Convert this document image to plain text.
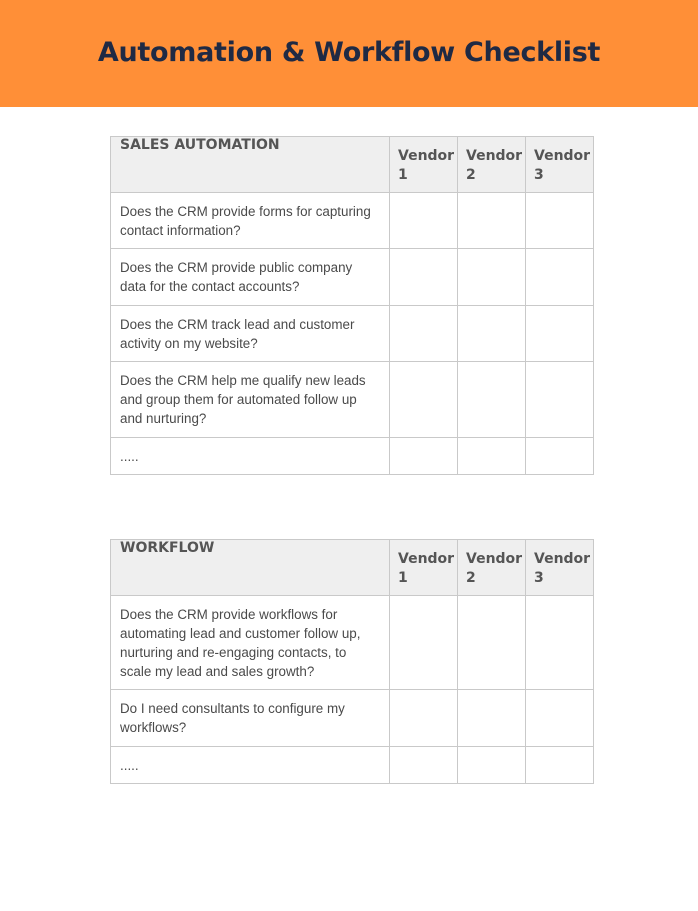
Automation & Workflow Checklist
SALES AUTOMATION	Vendor 1	Vendor 2	Vendor 3
Does the CRM provide forms for capturing contact information?			
Does the CRM provide public company data for the contact accounts?			
Does the CRM track lead and customer activity on my website?			
Does the CRM help me qualify new leads and group them for automated follow up and nurturing?			
.....			
WORKFLOW	Vendor 1	Vendor 2	Vendor 3
Does the CRM provide workflows for automating lead and customer follow up, nurturing and re-engaging contacts, to scale my lead and sales growth?			
Do I need consultants to configure my workflows?			
.....			
